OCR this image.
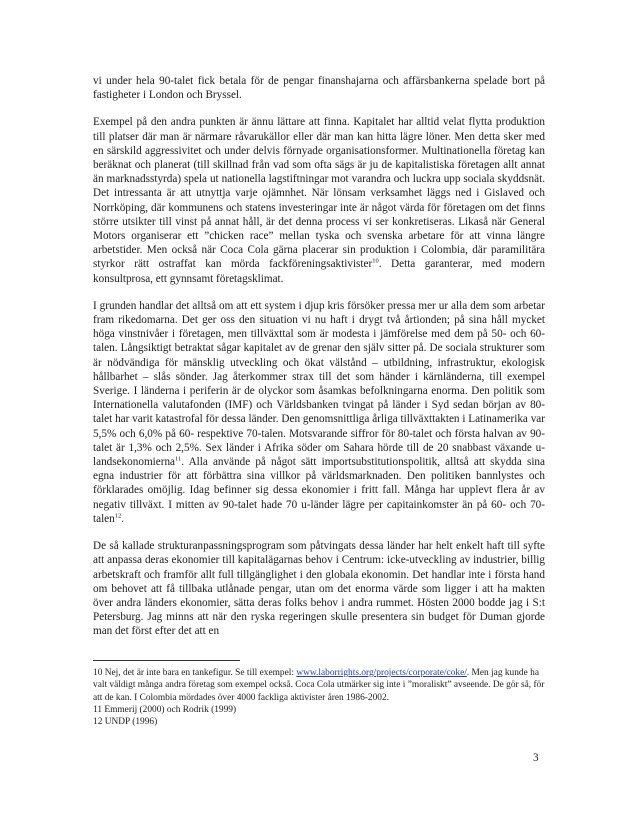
vi under hela 90-talet fick betala för de pengar finanshajarna och affärsbankerna spelade bort på fastigheter i London och Bryssel.

Exempel på den andra punkten är ännu lättare att finna. Kapitalet har alltid velat flytta produktion till platser där man är närmare råvarukällor eller där man kan hitta lägre löner. Men detta sker med en särskild aggressivitet och under delvis förnyade organisationsformer. Multinationella företag kan beräknat och planerat (till skillnad från vad som ofta sägs är ju de kapitalistiska företagen allt annat än marknadsstyrda) spela ut nationella lagstiftningar mot varandra och luckra upp sociala skyddsnät. Det intressanta är att utnyttja varje ojämnhet. När lönsam verksamhet läggs ned i Gislaved och Norrköping, där kommunens och statens investeringar inte är något värda för företagen om det finns större utsikter till vinst på annat håll, är det denna process vi ser konkretiseras. Likaså när General Motors organiserar ett ”chicken race” mellan tyska och svenska arbetare för att vinna längre arbetstider. Men också när Coca Cola gärna placerar sin produktion i Colombia, där paramilitära styrkor rätt ostraffat kan mörda fackföreningsaktivister$^{10}$. Detta garanterar, med modern konsultprosa, ett gynnsamt företagsklimat.

I grunden handlar det alltså om att ett system i djup kris försöker pressa mer ur alla dem som arbetar fram rikedomarna. Det ger oss den situation vi nu haft i drygt två årtionden; på sina håll mycket höga vinstnivåer i företagen, men tillväxttal som är modesta i jämförelse med dem på 50- och 60-talen. Långsiktigt betraktat sågar kapitalet av de grenar den själv sitter på. De sociala strukturer som är nödvändiga för mänsklig utveckling och ökat välstånd – utbildning, infrastruktur, ekologisk hållbarhet – slås sönder. Jag återkommer strax till det som händer i kärnländerna, till exempel Sverige. I länderna i periferin är de olyckor som åsamkas befolkningarna enorma. Den politik som Internationella valutafonden (IMF) och Världsbanken tvingat på länder i Syd sedan början av 80-talet har varit katastrofal för dessa länder. Den genomsnittliga årliga tillväxttakten i Latinamerika var 5,5% och 6,0% på 60- respektive 70-talen. Motsvarande siffror för 80-talet och första halvan av 90-talet är 1,3% och 2,5%. Sex länder i Afrika söder om Sahara hörde till de 20 snabbast växande u-landsekonomierna$^{11}$. Alla använde på något sätt importsubstitutionspolitik, alltså att skydda sina egna industrier för att förbättra sina villkor på världsmarknaden. Den politiken bannlystes och förklarades omöjlig. Idag befinner sig dessa ekonomier i fritt fall. Många har upplevt flera år av negativ tillväxt. I mitten av 90-talet hade 70 u-länder lägre per capitainkomster än på 60- och 70-talen$^{12}$.

De så kallade strukturanpassningsprogram som påtvingats dessa länder har helt enkelt haft till syfte att anpassa deras ekonomier till kapitalägarnas behov i Centrum: icke-utveckling av industrier, billig arbetskraft och framför allt full tillgänglighet i den globala ekonomin. Det handlar inte i första hand om behovet att få tillbaka utlånade pengar, utan om det enorma värde som ligger i att ha makten över andra länders ekonomier, sätta deras folks behov i andra rummet. Hösten 2000 bodde jag i S:t Petersburg. Jag minns att när den ryska regeringen skulle presentera sin budget för Duman gjorde man det först efter det att en

10 Nej, det är inte bara en tankefigur. Se till exempel: www.laborrights.org/projects/corporate/coke/. Men jag kunde ha valt väldigt många andra företag som exempel också. Coca Cola utmärker sig inte i ”moraliskt” avseende. De gör så, för att de kan. I Colombia mördades över 4000 fackliga aktivister åren 1986-2002.

11 Emmerij (2000) och Rodrik (1999)

12 UNDP (1996)

3
